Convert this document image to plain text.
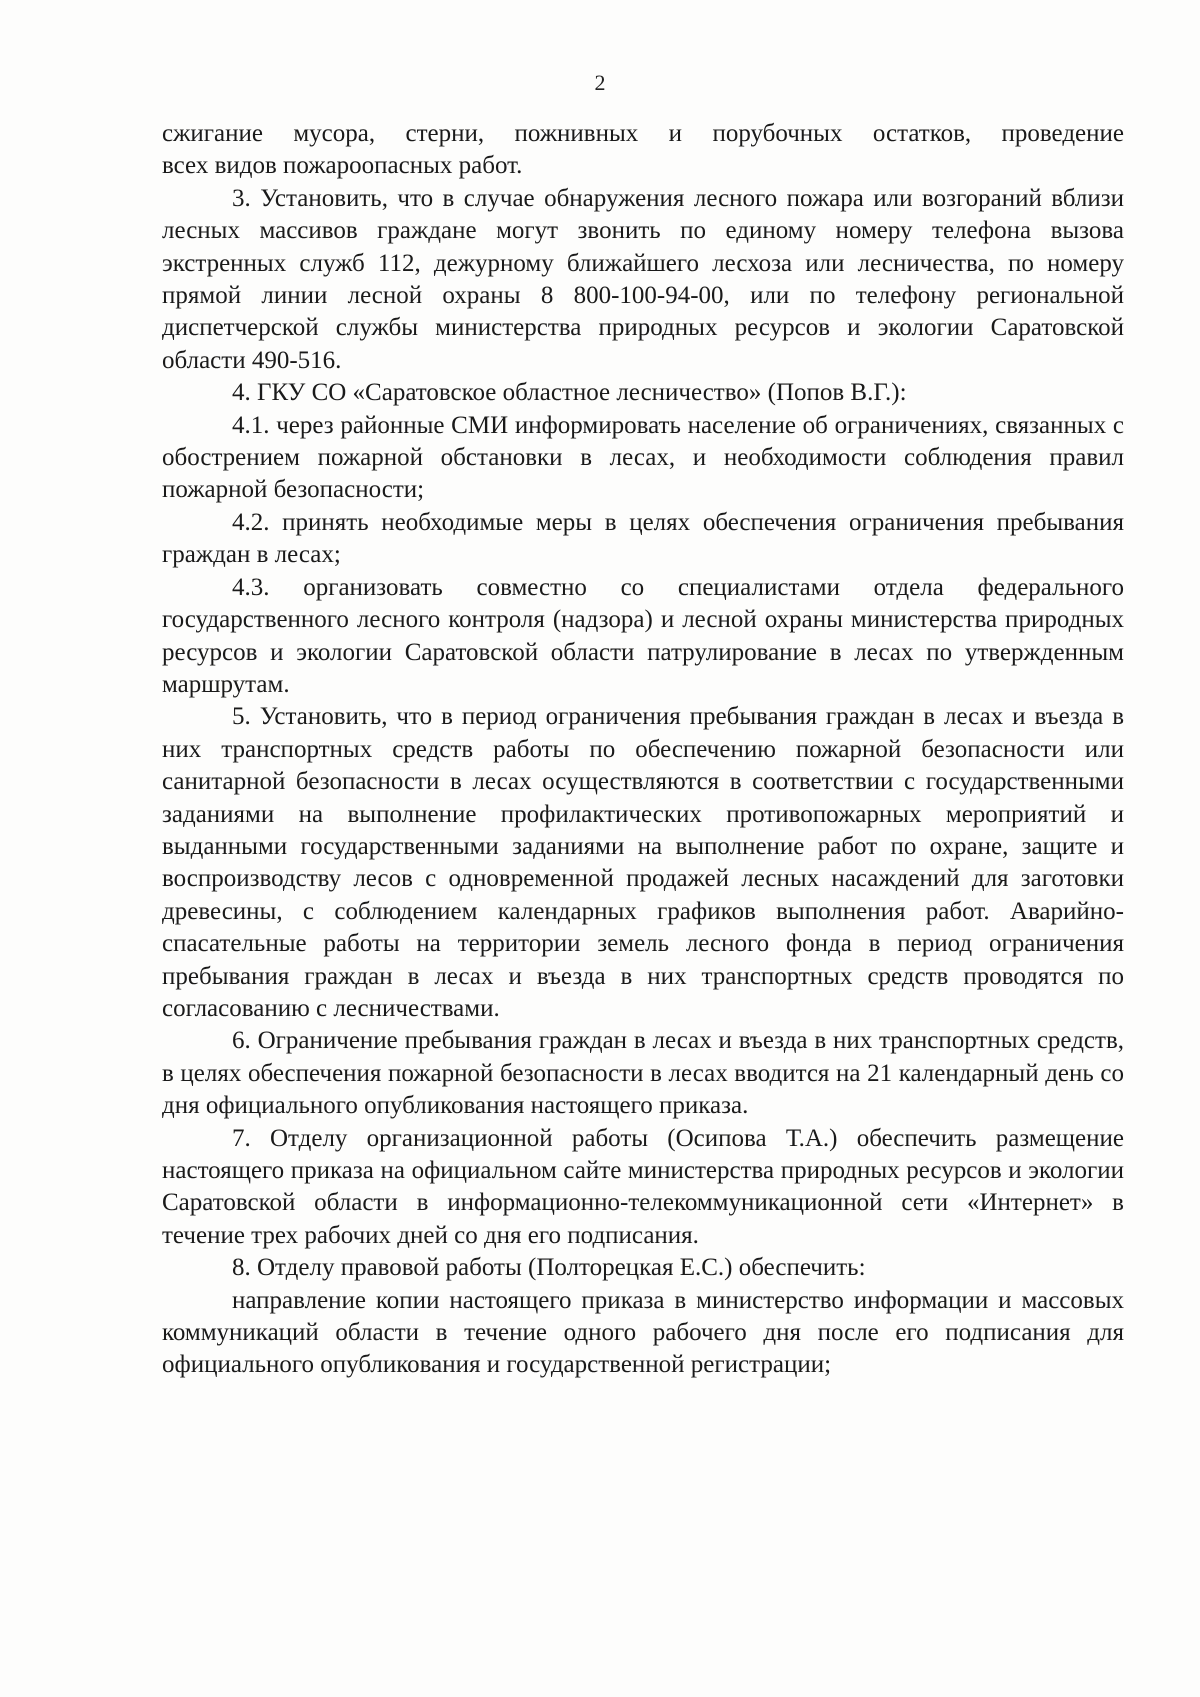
2

сжигание мусора, стерни, пожнивных и порубочных остатков, проведение
всех видов пожароопасных работ.

3. Установить, что в случае обнаружения лесного пожара или возгораний вблизи лесных массивов граждане могут звонить по единому номеру телефона вызова экстренных служб 112, дежурному ближайшего лесхоза или лесничества, по номеру прямой линии лесной охраны 8 800-100-94-00, или по телефону региональной диспетчерской службы министерства природных ресурсов и экологии Саратовской области 490-516.

4. ГКУ СО «Саратовское областное лесничество» (Попов В.Г.):

4.1. через районные СМИ информировать население об ограничениях, связанных с обострением пожарной обстановки в лесах, и необходимости соблюдения правил пожарной безопасности;

4.2. принять необходимые меры в целях обеспечения ограничения пребывания граждан в лесах;

4.3. организовать совместно со специалистами отдела федерального государственного лесного контроля (надзора) и лесной охраны министерства природных ресурсов и экологии Саратовской области патрулирование в лесах по утвержденным маршрутам.

5. Установить, что в период ограничения пребывания граждан в лесах и въезда в них транспортных средств работы по обеспечению пожарной безопасности или санитарной безопасности в лесах осуществляются в соответствии с государственными заданиями на выполнение профилактических противопожарных мероприятий и выданными государственными заданиями на выполнение работ по охране, защите и воспроизводству лесов с одновременной продажей лесных насаждений для заготовки древесины, с соблюдением календарных графиков выполнения работ. Аварийно-спасательные работы на территории земель лесного фонда в период ограничения пребывания граждан в лесах и въезда в них транспортных средств проводятся по согласованию с лесничествами.

6. Ограничение пребывания граждан в лесах и въезда в них транспортных средств, в целях обеспечения пожарной безопасности в лесах вводится на 21 календарный день со дня официального опубликования настоящего приказа.

7. Отделу организационной работы (Осипова Т.А.) обеспечить размещение настоящего приказа на официальном сайте министерства природных ресурсов и экологии Саратовской области в информационно-телекоммуникационной сети «Интернет» в течение трех рабочих дней со дня его подписания.

8. Отделу правовой работы (Полторецкая Е.С.) обеспечить:

направление копии настоящего приказа в министерство информации и массовых коммуникаций области в течение одного рабочего дня после его подписания для официального опубликования и государственной регистрации;
